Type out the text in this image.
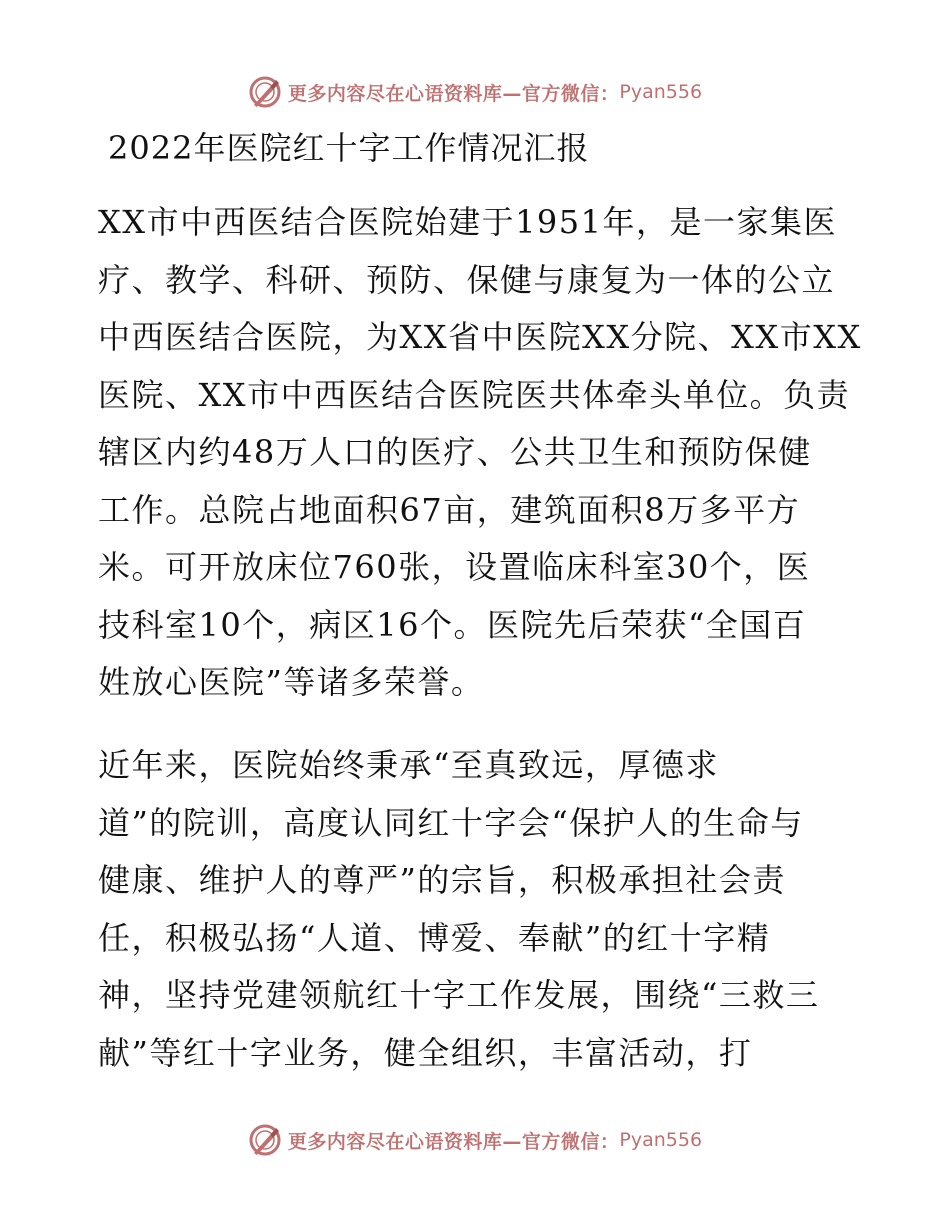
更多内容尽在心语资料库—官方微信： Pyan556
2022年医院红十字工作情况汇报
XX市中西医结合医院始建于1951年，是一家集医
疗、教学、科研、预防、保健与康复为一体的公立
中西医结合医院，为XX省中医院XX分院、XX市XX
医院、XX市中西医结合医院医共体牵头单位。负责
辖区内约48万人口的医疗、公共卫生和预防保健
工作。总院占地面积67亩，建筑面积8万多平方
米。可开放床位760张，设置临床科室30个，医
技科室10个，病区16个。医院先后荣获“全国百
姓放心医院”等诸多荣誉。
近年来，医院始终秉承“至真致远，厚德求
道”的院训，高度认同红十字会“保护人的生命与
健康、维护人的尊严”的宗旨，积极承担社会责
任，积极弘扬“人道、博爱、奉献”的红十字精
神，坚持党建领航红十字工作发展，围绕“三救三
献”等红十字业务，健全组织，丰富活动，打
更多内容尽在心语资料库—官方微信： Pyan556
